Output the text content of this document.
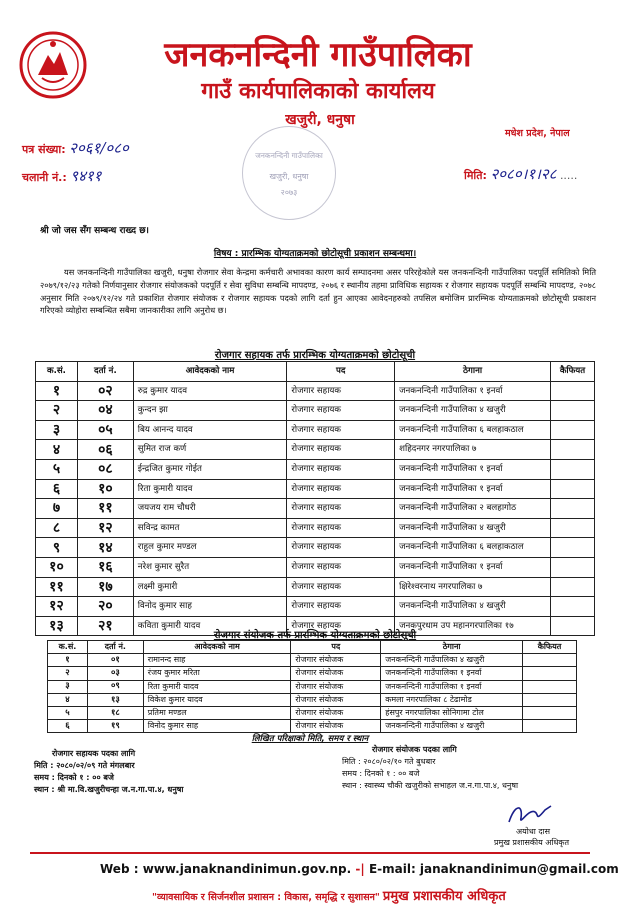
जनकनन्दिनी गाउँपालिका
गाउँ कार्यपालिकाको कार्यालय
खजुरी, धनुषा
मधेश प्रदेश, नेपाल
पत्र संख्या: २०६१/०८०
चलानी नं.: ९४११	मिति: २०८०।१।२८ .....
जनकनन्दिनी गाउँपालिका
खजुरी, धनुषा
२०७३
श्री जो जस सँग सम्बन्ध राख्द छ।
विषय : प्रारम्भिक योग्यताक्रमको छोटोसूची प्रकाशन सम्बन्धमा।
यस जनकनन्दिनी गाउँपालिका खजुरी, धनुषा रोजगार सेवा केन्द्रमा कर्मचारी अभावका कारण कार्य सम्पादनमा असर परिरहेकोले यस जनकनन्दिनी गाउँपालिका पदपूर्ति समितिको मिति २०७९/१२/२३ गतेको निर्णयानुसार रोजगार संयोजकको पदपूर्ति र सेवा सुविधा सम्बन्धि मापदण्ड, २०७६ र स्थानीय तहमा प्राविधिक सहायक र रोजगार सहायक पदपूर्ति सम्बन्धि मापदण्ड, २०७८ अनुसार मिति २०७९/१२/२४ गते प्रकाशित रोजगार संयोजक र रोजगार सहायक पदको लागि दर्ता हुन आएका आवेदनहरुको तपसिल बमोजिम प्रारम्भिक योग्यताक्रमको छोटोसूची प्रकाशन गरिएको व्योहोरा सम्बन्धित सबैमा जानकारीका लागि अनुरोध छ।
रोजगार सहायक तर्फ प्रारम्भिक योग्यताक्रमको छोटोसूची
क.सं.	दर्ता नं.	आवेदकको नाम	पद	ठेगाना	कैफियत
१	०२	रुद्र कुमार यादव	रोजगार सहायक	जनकनन्दिनी गाउँपालिका १ इनर्वा	
२	०४	कुन्दन झा	रोजगार सहायक	जनकनन्दिनी गाउँपालिका ४ खजुरी	
३	०५	बिय आनन्द यादव	रोजगार सहायक	जनकनन्दिनी गाउँपालिका ६ बलहाकठाल	
४	०६	सुमित राज कर्ण	रोजगार सहायक	शहिदनगर नगरपालिका ७	
५	०८	ईन्द्रजित कुमार गोईत	रोजगार सहायक	जनकनन्दिनी गाउँपालिका १ इनर्वा	
६	१०	रिता कुमारी यादव	रोजगार सहायक	जनकनन्दिनी गाउँपालिका १ इनर्वा	
७	११	जयजय राम चौधरी	रोजगार सहायक	जनकनन्दिनी गाउँपालिका २ बलहागोठ	
८	१२	सविन्द्र कामत	रोजगार सहायक	जनकनन्दिनी गाउँपालिका ४ खजुरी	
९	१४	राहुल कुमार मण्डल	रोजगार सहायक	जनकनन्दिनी गाउँपालिका ६ बलहाकठाल	
१०	१६	नरेश कुमार सुरैत	रोजगार सहायक	जनकनन्दिनी गाउँपालिका १ इनर्वा	
११	१७	लक्ष्मी कुमारी	रोजगार सहायक	क्षिरेश्वरनाथ नगरपालिका ७	
१२	२०	विनोद कुमार साह	रोजगार सहायक	जनकनन्दिनी गाउँपालिका ४ खजुरी	
१३	२१	कविता कुमारी यादव	रोजगार सहायक	जनकपुरधाम उप महानगरपालिका १७	
रोजगार संयोजक तर्फ प्रारम्भिक योग्यताक्रमको छोटोसूची
क.सं.	दर्ता नं.	आवेदकको नाम	पद	ठेगाना	कैफियत
१	०१	रामानन्द साह	रोजगार संयोजक	जनकनन्दिनी गाउँपालिका ४ खजुरी	
२	०३	रंजय कुमार मरिता	रोजगार संयोजक	जनकनन्दिनी गाउँपालिका १ इनर्वा	
३	०९	रिता कुमारी यादव	रोजगार संयोजक	जनकनन्दिनी गाउँपालिका १ इनर्वा	
४	१३	विकेश कुमार यादव	रोजगार संयोजक	कमला नगरपालिका ८ टेढामोड	
५	१८	प्रतिमा मण्डल	रोजगार संयोजक	हंसपुर नगरपालिका सोनिगामा टोल	
६	१९	विनोद कुमार साह	रोजगार संयोजक	जनकनन्दिनी गाउँपालिका ४ खजुरी	
लिखित परिक्षाको मिति, समय र स्थान
रोजगार सहायक पदका लागि
मिति : २०८०/०२/०९ गते मंगलबार
समय : दिनको १ : ०० बजे
स्थान : श्री मा.वि.खजुरीचन्हा ज.न.गा.पा.४, धनुषा
रोजगार संयोजक पदका लागि
मिति : २०८०/०२/१० गते बुधबार
समय : दिनको १ : ०० बजे
स्थान : स्वास्थ्य चौकी खजुरीको सभाहल ज.न.गा.पा.४, धनुषा
अयोधा दास
प्रमुख प्रशासकीय अधिकृत
Web : www.janaknandinimun.gov.np. -| E-mail: janaknandinimun@gmail.com
"व्यावसायिक र सिर्जनशील प्रशासन : विकास, समृद्धि र सुशासन" प्रमुख प्रशासकीय अधिकृत
